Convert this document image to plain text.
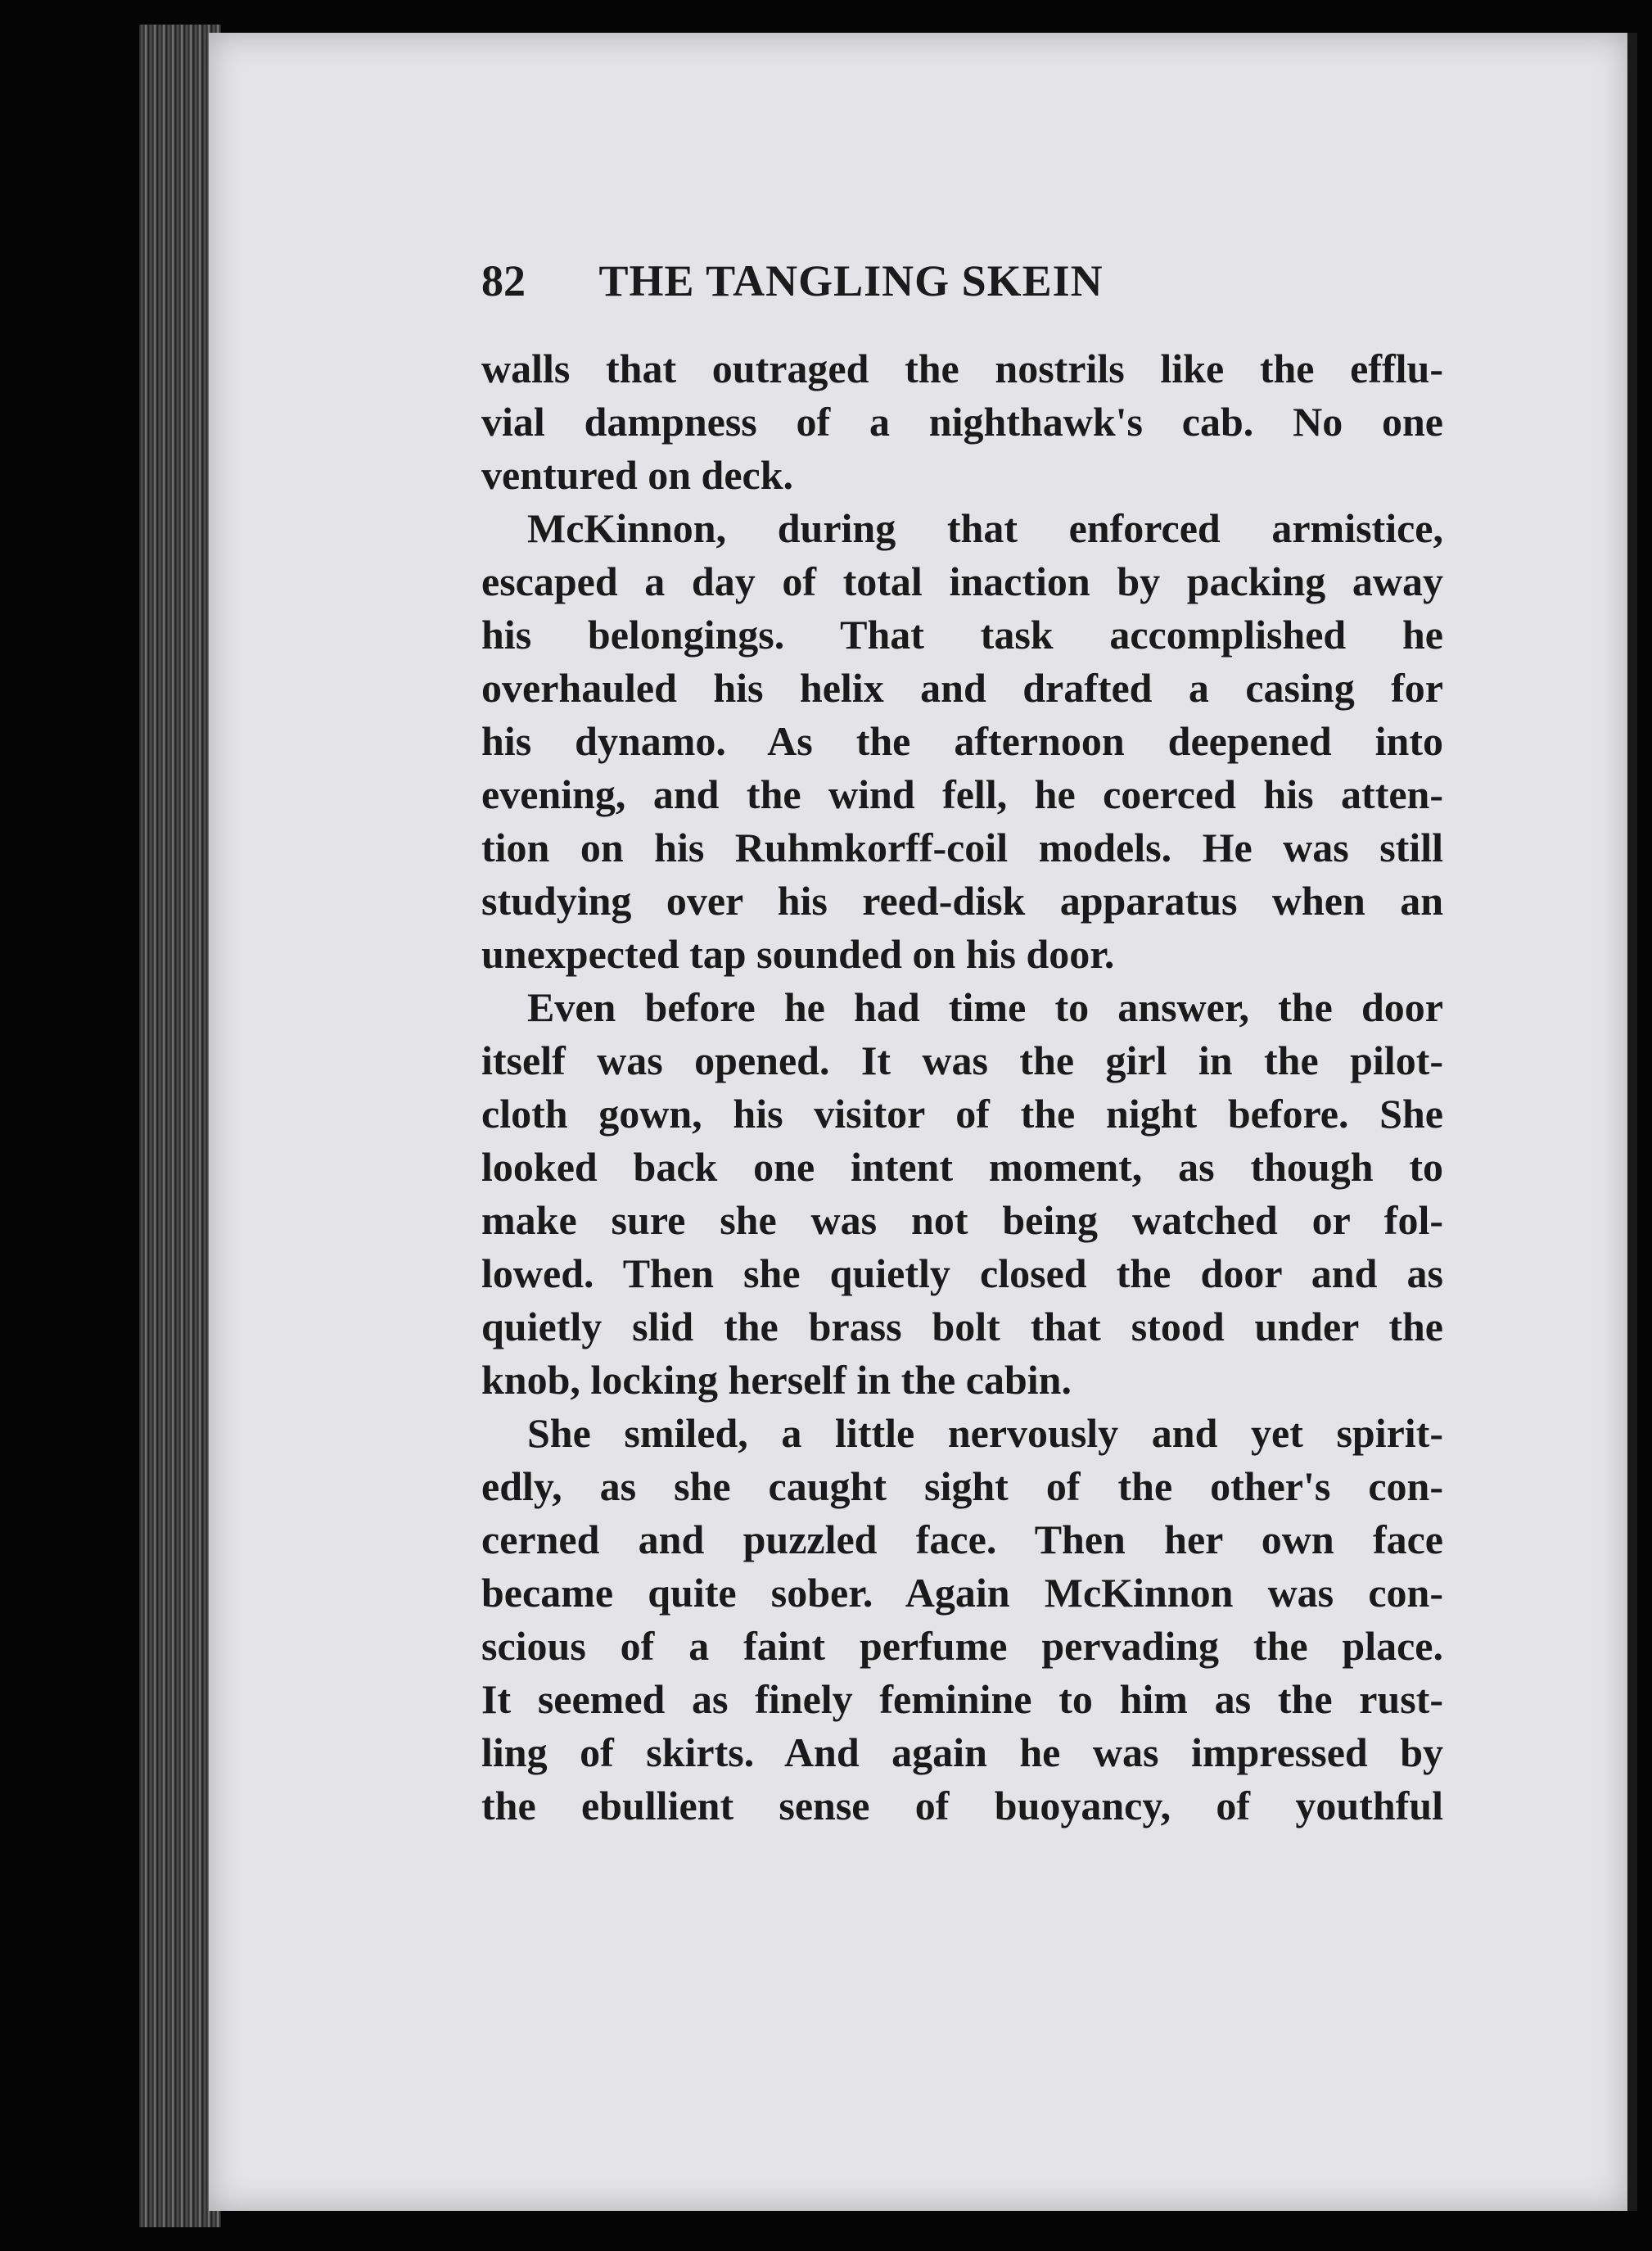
82 THE TANGLING SKEIN
walls that outraged the nostrils like the efflu-
vial dampness of a nighthawk's cab. No one
ventured on deck.
McKinnon, during that enforced armistice,
escaped a day of total inaction by packing away
his belongings. That task accomplished he
overhauled his helix and drafted a casing for
his dynamo. As the afternoon deepened into
evening, and the wind fell, he coerced his atten-
tion on his Ruhmkorff-coil models. He was still
studying over his reed-disk apparatus when an
unexpected tap sounded on his door.
Even before he had time to answer, the door
itself was opened. It was the girl in the pilot-
cloth gown, his visitor of the night before. She
looked back one intent moment, as though to
make sure she was not being watched or fol-
lowed. Then she quietly closed the door and as
quietly slid the brass bolt that stood under the
knob, locking herself in the cabin.
She smiled, a little nervously and yet spirit-
edly, as she caught sight of the other's con-
cerned and puzzled face. Then her own face
became quite sober. Again McKinnon was con-
scious of a faint perfume pervading the place.
It seemed as finely feminine to him as the rust-
ling of skirts. And again he was impressed by
the ebullient sense of buoyancy, of youthful
